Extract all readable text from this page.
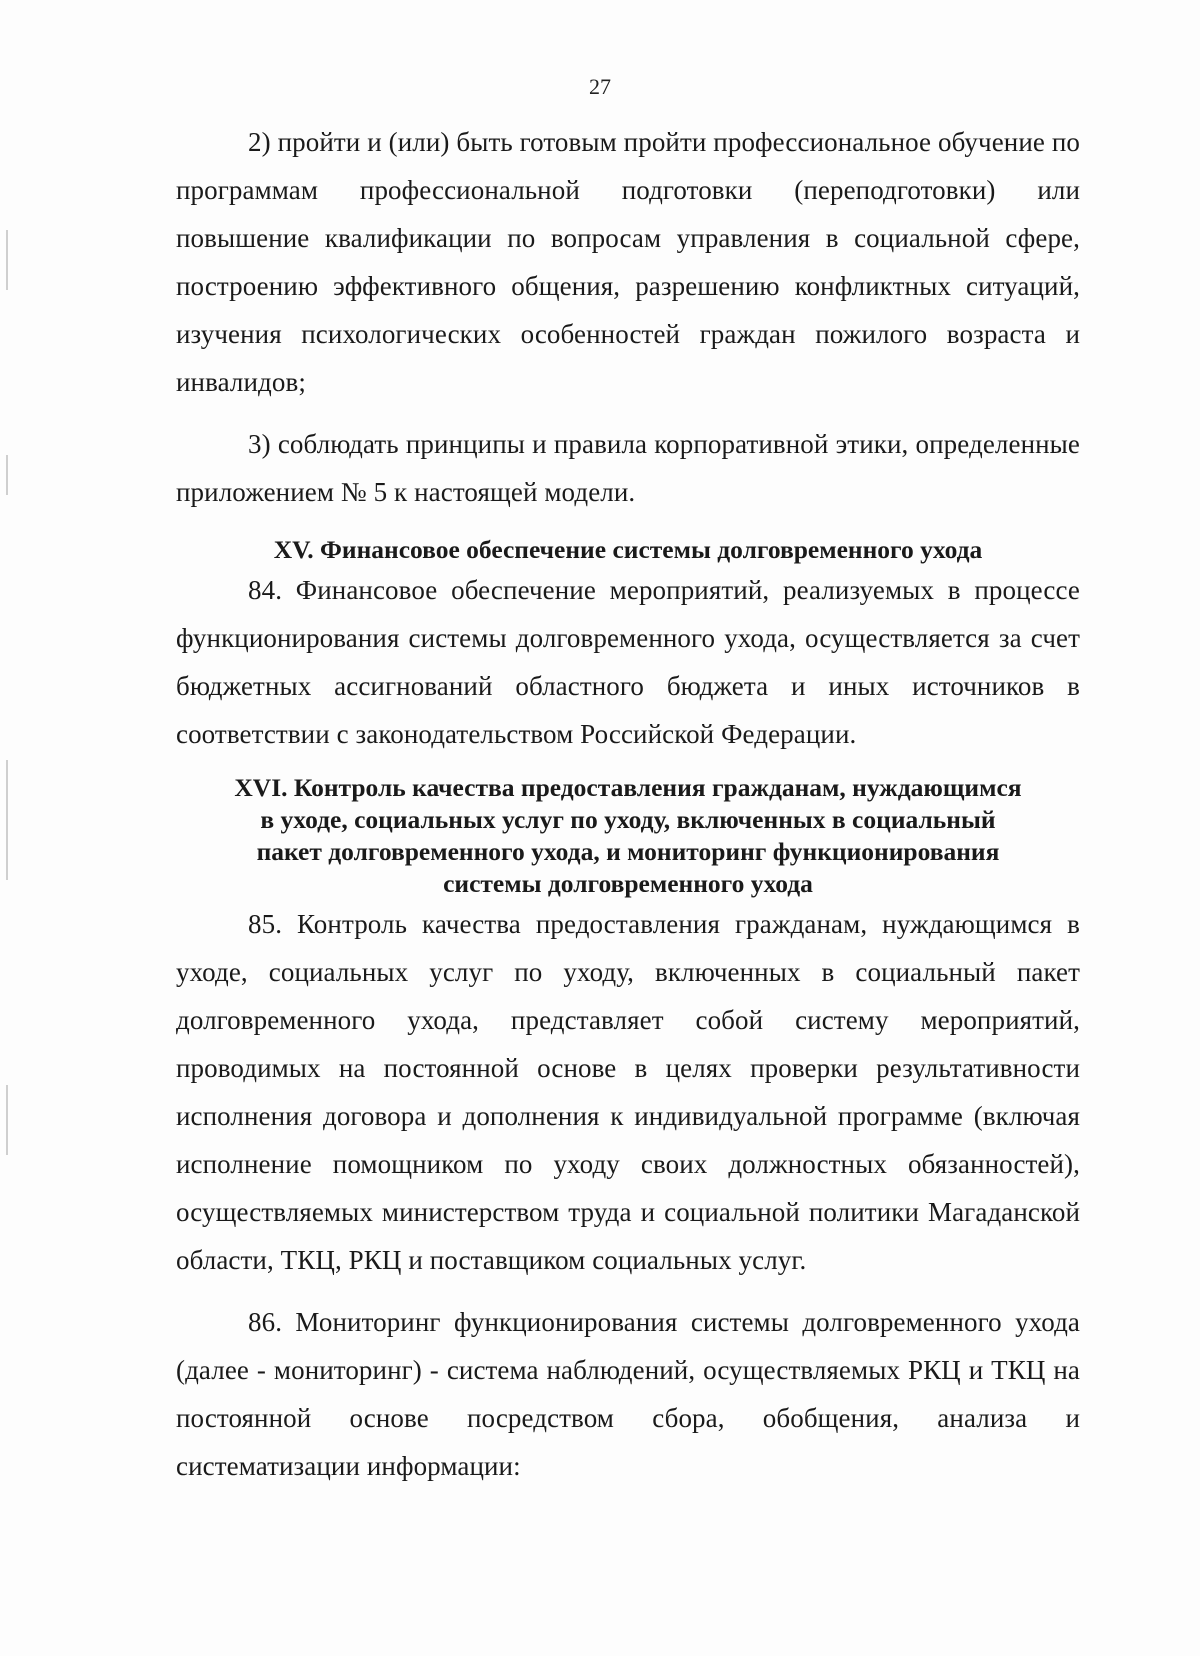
27

2) пройти и (или) быть готовым пройти профессиональное обучение по программам профессиональной подготовки (переподготовки) или повышение квалификации по вопросам управления в социальной сфере, построению эффективного общения, разрешению конфликтных ситуаций, изучения психологических особенностей граждан пожилого возраста и инвалидов;

3) соблюдать принципы и правила корпоративной этики, определенные приложением № 5 к настоящей модели.

XV. Финансовое обеспечение системы долговременного ухода

84. Финансовое обеспечение мероприятий, реализуемых в процессе функционирования системы долговременного ухода, осуществляется за счет бюджетных ассигнований областного бюджета и иных источников в соответствии с законодательством Российской Федерации.

XVI. Контроль качества предоставления гражданам, нуждающимся
в уходе, социальных услуг по уходу, включенных в социальный
пакет долговременного ухода, и мониторинг функционирования
системы долговременного ухода

85. Контроль качества предоставления гражданам, нуждающимся в уходе, социальных услуг по уходу, включенных в социальный пакет долговременного ухода, представляет собой систему мероприятий, проводимых на постоянной основе в целях проверки результативности исполнения договора и дополнения к индивидуальной программе (включая исполнение помощником по уходу своих должностных обязанностей), осуществляемых министерством труда и социальной политики Магаданской области, ТКЦ, РКЦ и поставщиком социальных услуг.

86. Мониторинг функционирования системы долговременного ухода (далее - мониторинг) - система наблюдений, осуществляемых РКЦ и ТКЦ на постоянной основе посредством сбора, обобщения, анализа и систематизации информации:
